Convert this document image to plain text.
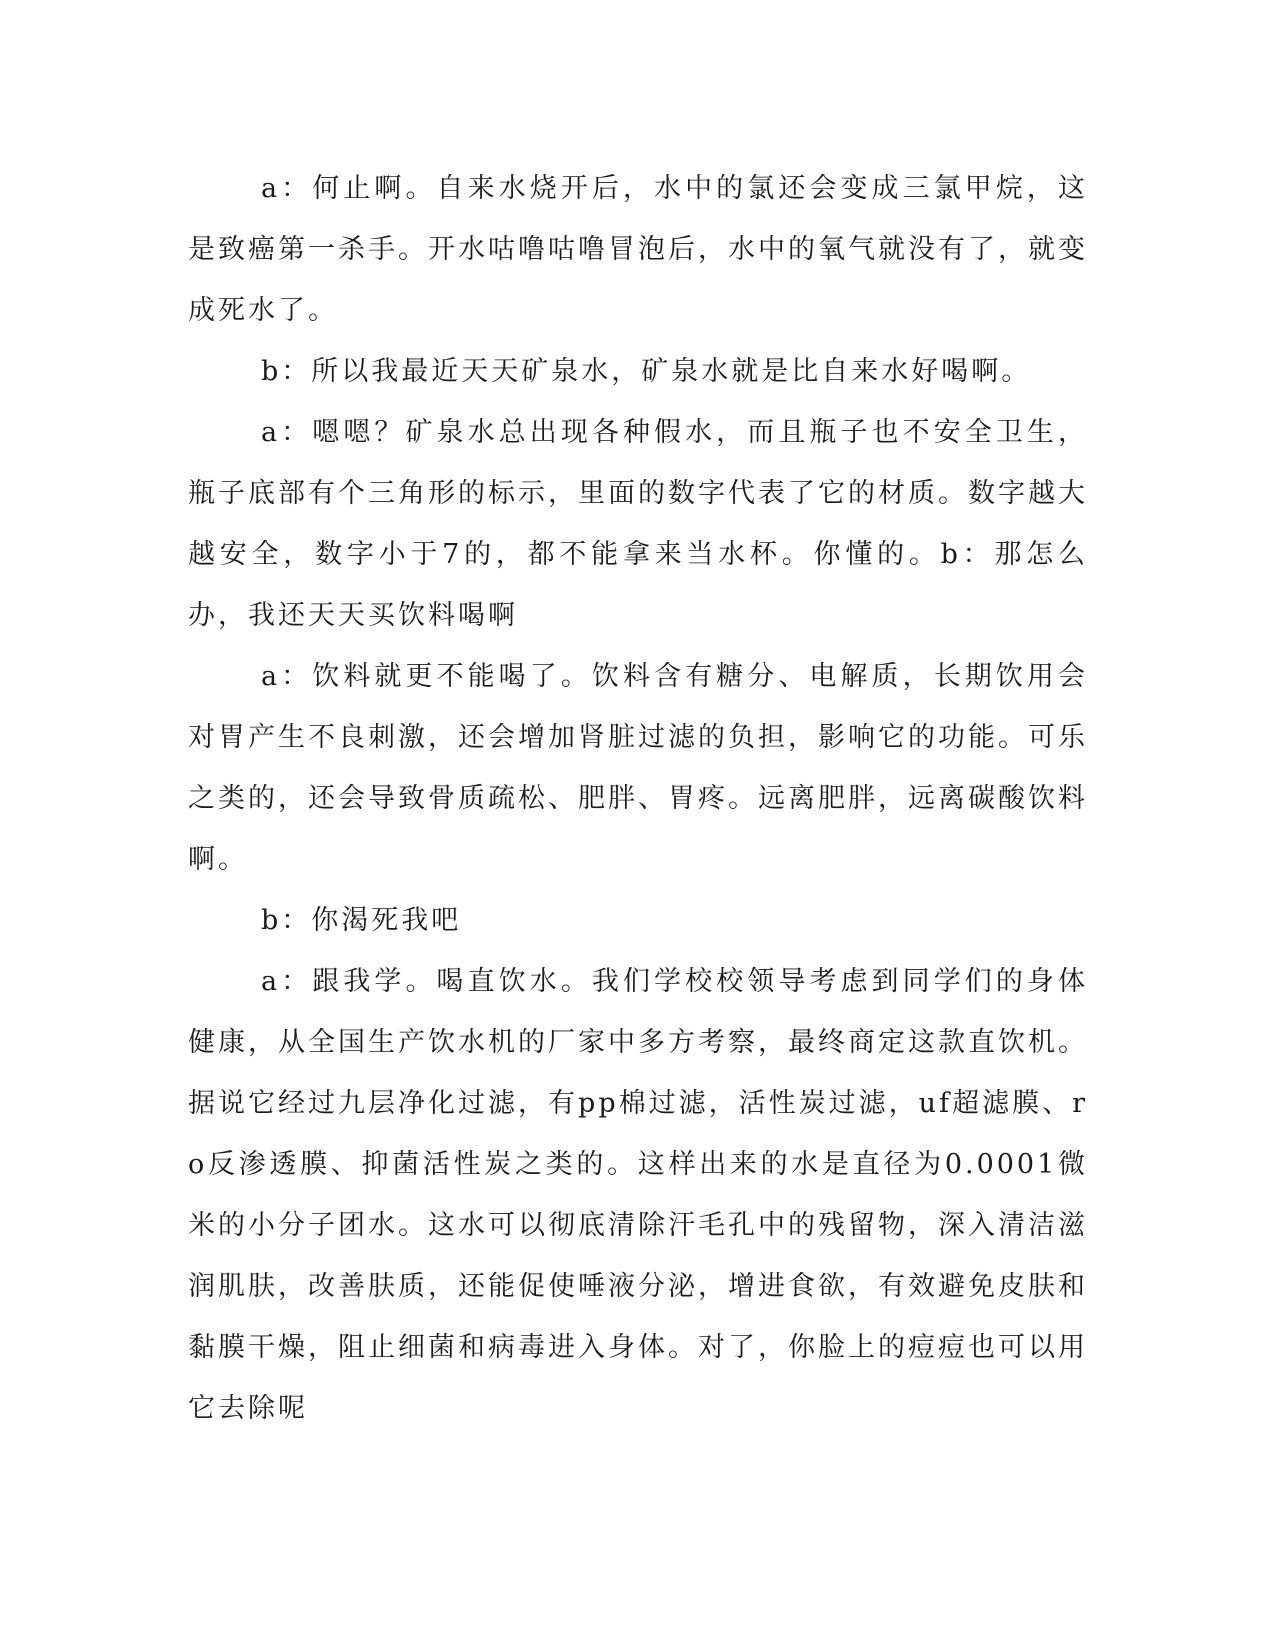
a：何止啊。自来水烧开后，水中的氯还会变成三氯甲烷，这是致癌第一杀手。开水咕噜咕噜冒泡后，水中的氧气就没有了，就变成死水了。

b：所以我最近天天矿泉水，矿泉水就是比自来水好喝啊。

a：嗯嗯？矿泉水总出现各种假水，而且瓶子也不安全卫生，瓶子底部有个三角形的标示，里面的数字代表了它的材质。数字越大越安全，数字小于7的，都不能拿来当水杯。你懂的。b：那怎么办，我还天天买饮料喝啊

a：饮料就更不能喝了。饮料含有糖分、电解质，长期饮用会对胃产生不良刺激，还会增加肾脏过滤的负担，影响它的功能。可乐之类的，还会导致骨质疏松、肥胖、胃疼。远离肥胖，远离碳酸饮料啊。

b：你渴死我吧

a：跟我学。喝直饮水。我们学校校领导考虑到同学们的身体健康，从全国生产饮水机的厂家中多方考察，最终商定这款直饮机。据说它经过九层净化过滤，有pp棉过滤，活性炭过滤，uf超滤膜、ro反渗透膜、抑菌活性炭之类的。这样出来的水是直径为0.0001微米的小分子团水。这水可以彻底清除汗毛孔中的残留物，深入清洁滋润肌肤，改善肤质，还能促使唾液分泌，增进食欲，有效避免皮肤和黏膜干燥，阻止细菌和病毒进入身体。对了，你脸上的痘痘也可以用它去除呢
